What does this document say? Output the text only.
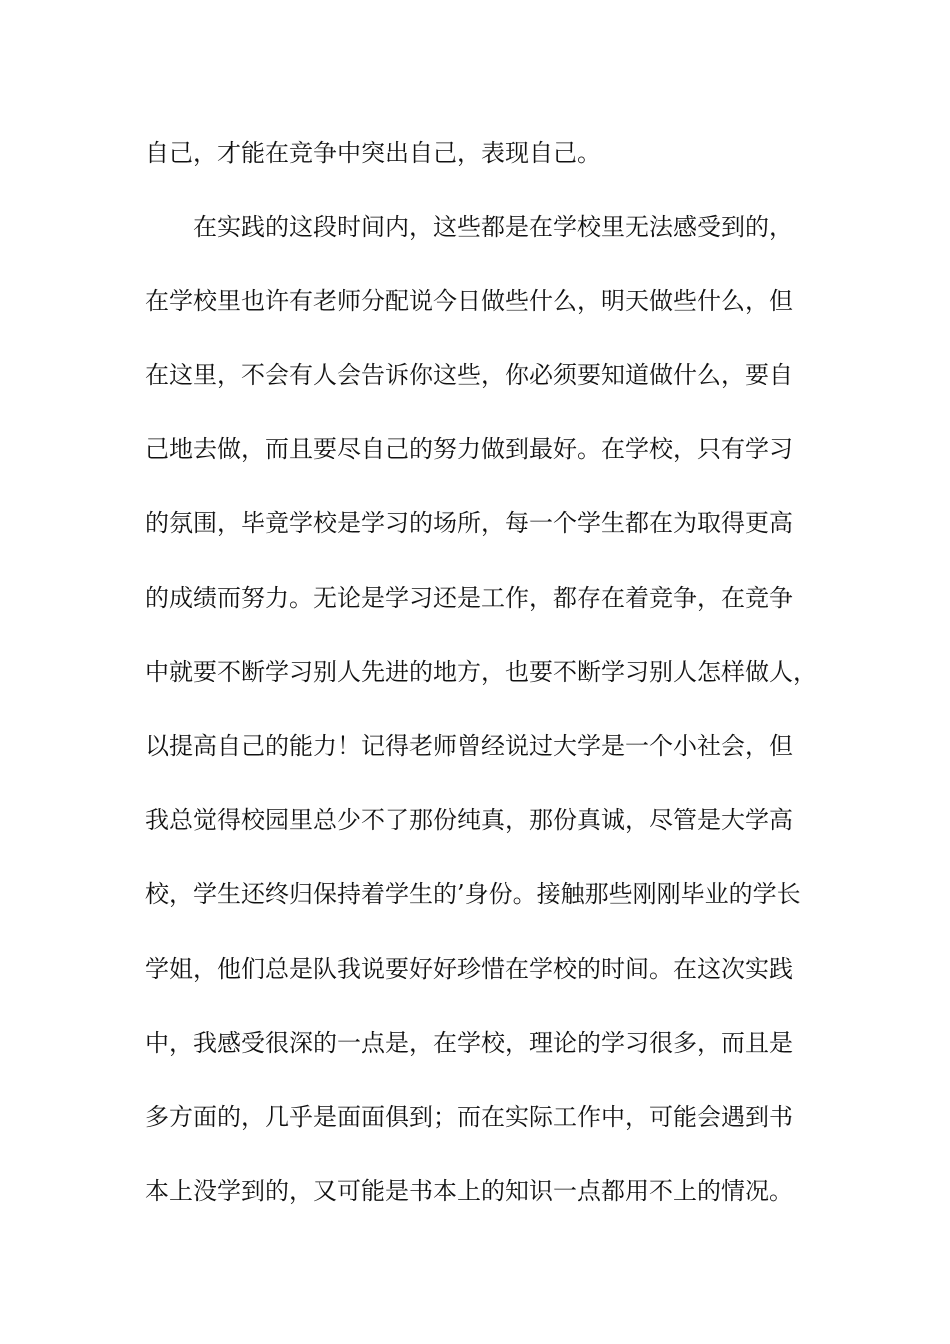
自己，才能在竞争中突出自己，表现自己。
在实践的这段时间内，这些都是在学校里无法感受到的，
在学校里也许有老师分配说今日做些什么，明天做些什么，但
在这里，不会有人会告诉你这些，你必须要知道做什么，要自
己地去做，而且要尽自己的努力做到最好。在学校，只有学习
的氛围，毕竟学校是学习的场所，每一个学生都在为取得更高
的成绩而努力。无论是学习还是工作，都存在着竞争，在竞争
中就要不断学习别人先进的地方，也要不断学习别人怎样做人，
以提高自己的能力！记得老师曾经说过大学是一个小社会，但
我总觉得校园里总少不了那份纯真，那份真诚，尽管是大学高
校，学生还终归保持着学生的’身份。接触那些刚刚毕业的学长
学姐，他们总是队我说要好好珍惜在学校的时间。在这次实践
中，我感受很深的一点是，在学校，理论的学习很多，而且是
多方面的，几乎是面面俱到；而在实际工作中，可能会遇到书
本上没学到的，又可能是书本上的知识一点都用不上的情况。
